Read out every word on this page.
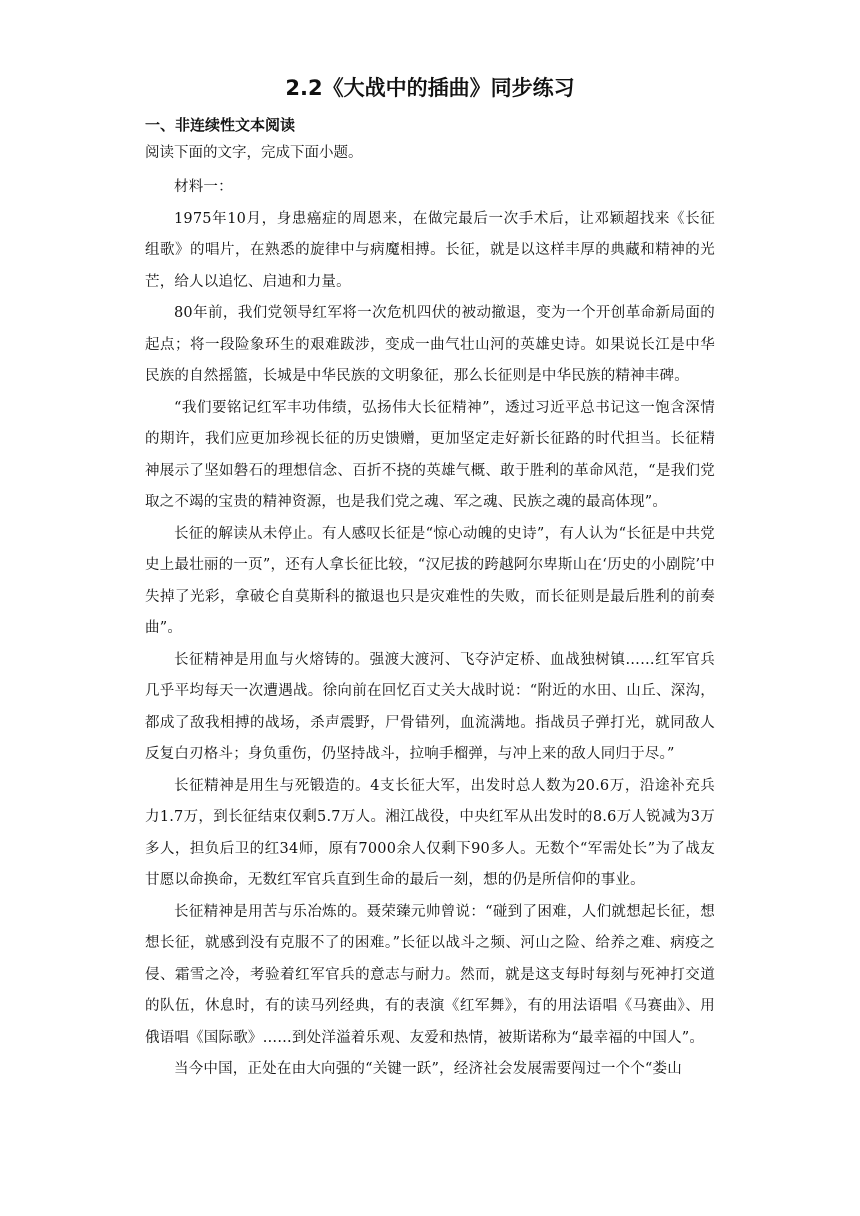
2.2《大战中的插曲》同步练习
一、非连续性文本阅读

阅读下面的文字，完成下面小题。

材料一：

1975年10月，身患癌症的周恩来，在做完最后一次手术后，让邓颖超找来《长征组歌》的唱片，在熟悉的旋律中与病魔相搏。长征，就是以这样丰厚的典藏和精神的光芒，给人以追忆、启迪和力量。

80年前，我们党领导红军将一次危机四伏的被动撤退，变为一个开创革命新局面的起点；将一段险象环生的艰难跋涉，变成一曲气壮山河的英雄史诗。如果说长江是中华民族的自然摇篮，长城是中华民族的文明象征，那么长征则是中华民族的精神丰碑。

“我们要铭记红军丰功伟绩，弘扬伟大长征精神”，透过习近平总书记这一饱含深情的期许，我们应更加珍视长征的历史馈赠，更加坚定走好新长征路的时代担当。长征精神展示了坚如磐石的理想信念、百折不挠的英雄气概、敢于胜利的革命风范，“是我们党取之不竭的宝贵的精神资源，也是我们党之魂、军之魂、民族之魂的最高体现”。

长征的解读从未停止。有人感叹长征是“惊心动魄的史诗”，有人认为“长征是中共党史上最壮丽的一页”，还有人拿长征比较，“汉尼拔的跨越阿尔卑斯山在‘历史的小剧院’中失掉了光彩，拿破仑自莫斯科的撤退也只是灾难性的失败，而长征则是最后胜利的前奏曲”。

长征精神是用血与火熔铸的。强渡大渡河、飞夺泸定桥、血战独树镇……红军官兵几乎平均每天一次遭遇战。徐向前在回忆百丈关大战时说：“附近的水田、山丘、深沟，都成了敌我相搏的战场，杀声震野，尸骨错列，血流满地。指战员子弹打光，就同敌人反复白刃格斗；身负重伤，仍坚持战斗，拉响手榴弹，与冲上来的敌人同归于尽。”

长征精神是用生与死锻造的。4支长征大军，出发时总人数为20.6万，沿途补充兵力1.7万，到长征结束仅剩5.7万人。湘江战役，中央红军从出发时的8.6万人锐减为3万多人，担负后卫的红34师，原有7000余人仅剩下90多人。无数个“军需处长”为了战友甘愿以命换命，无数红军官兵直到生命的最后一刻，想的仍是所信仰的事业。

长征精神是用苦与乐冶炼的。聂荣臻元帅曾说：“碰到了困难，人们就想起长征，想想长征，就感到没有克服不了的困难。”长征以战斗之频、河山之险、给养之难、病疫之侵、霜雪之冷，考验着红军官兵的意志与耐力。然而，就是这支每时每刻与死神打交道的队伍，休息时，有的读马列经典，有的表演《红军舞》，有的用法语唱《马赛曲》、用俄语唱《国际歌》……到处洋溢着乐观、友爱和热情，被斯诺称为“最幸福的中国人”。

当今中国，正处在由大向强的“关键一跃”，经济社会发展需要闯过一个个“娄山
